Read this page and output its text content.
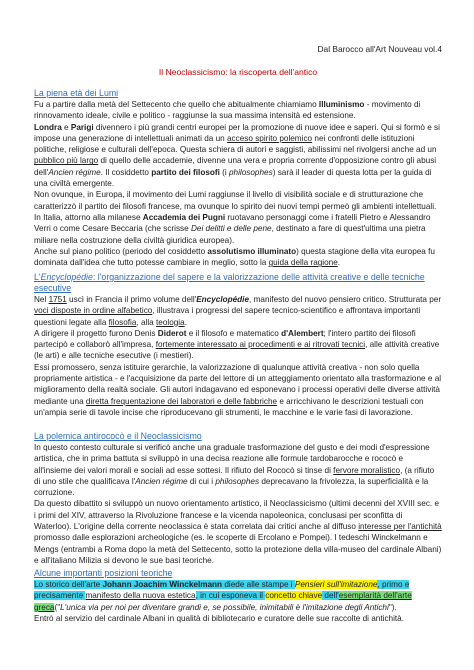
Dal Barocco all'Art Nouveau vol.4
Il Neoclassicismo: la riscoperta dell'antico

La piena età dei Lumi

Fu a partire dalla metà del Settecento che quello che abitualmente chiamiamo Illuminismo - movimento di rinnovamento ideale, civile e politico - raggiunse la sua massima intensità ed estensione.

Londra e Parigi divennero i più grandi centri europei per la promozione di nuove idee e saperi. Qui si formò e si impose una generazione di intellettuali animati da un acceso spirito polemico nei confronti delle istituzioni politiche, religiose e culturali dell'epoca. Questa schiera di autori e saggisti, abilissimi nel rivolgersi anche ad un pubblico più largo di quello delle accademie, divenne una vera e propria corrente d'opposizione contro gli abusi dell'Ancien régime. Il cosiddetto partito dei filosofi (i philosophes) sarà il leader di questa lotta per la guida di una civiltà emergente.

Non ovunque, in Europa, il movimento dei Lumi raggiunse il livello di visibilità sociale e di strutturazione che caratterizzò il partito dei filosofi francese, ma ovunque lo spirito dei nuovi tempi permeò gli ambienti intellettuali. In Italia, attorno alla milanese Accademia dei Pugni ruotavano personaggi come i fratelli Pietro e Alessandro Verri o come Cesare Beccaria (che scrisse Dei delitti e delle pene, destinato a fare di quest'ultima una pietra miliare nella costruzione della civiltà giuridica europea).

Anche sul piano politico (periodo del cosiddetto assolutismo illuminato) questa stagione della vita europea fu dominata dall'idea che tutto potesse cambiare in meglio, sotto la guida della ragione.

L'Encyclopédie: l'organizzazione del sapere e la valorizzazione delle attività creative e delle tecniche esecutive

Nel 1751 uscì in Francia il primo volume dell'Encyclopédie, manifesto del nuovo pensiero critico. Strutturata per voci disposte in ordine alfabetico, illustrava i progressi del sapere tecnico-scientifico e affrontava importanti questioni legate alla filosofia, alla teologia.

A dirigere il progetto furono Denis Diderot e il filosofo e matematico d'Alembert; l'intero partito dei filosofi partecipò e collaborò all'impresa, fortemente interessato ai procedimenti e ai ritrovati tecnici, alle attività creative (le arti) e alle tecniche esecutive (i mestieri).

Essi promossero, senza istituire gerarchie, la valorizzazione di qualunque attività creativa - non solo quella propriamente artistica - e l'acquisizione da parte del lettore di un atteggiamento orientato alla trasformazione e al miglioramento della realtà sociale. Gli autori indagavano ed esponevano i processi operativi delle diverse attività mediante una diretta frequentazione dei laboratori e delle fabbriche e arricchivano le descrizioni testuali con un'ampia serie di tavole incise che riproducevano gli strumenti, le macchine e le varie fasi di lavorazione.

La polemica antirococò e il Neoclassicismo

In questo contesto culturale si verificò anche una graduale trasformazione del gusto e dei modi d'espressione artistica, che in prima battuta si sviluppò in una decisa reazione alle formule tardobarocche e rococò e all'insieme dei valori morali e sociali ad esse sottesi. Il rifiuto del Rococò si tinse di fervore moralistico, (a rifiuto di uno stile che qualificava l'Ancien régime di cui i philosophes deprecavano la frivolezza, la superficialità e la corruzione.

Da questo dibattito si sviluppò un nuovo orientamento artistico, il Neoclassicismo (ultimi decenni del XVIII sec. e i primi del XIV, attraverso la Rivoluzione francese e la vicenda napoleonica, conclusasi per sconfitta di Waterloo). L'origine della corrente neoclassica è stata correlata dai critici anche al diffuso interesse per l'antichità promosso dalle esplorazioni archeologiche (es. le scoperte di Ercolano e Pompei). I tedeschi Winckelmann e Mengs (entrambi a Roma dopo la metà del Settecento, sotto la protezione della villa-museo del cardinale Albani) e all'italiano Milizia si devono le sue basi teoriche.

Alcune importanti posizioni teoriche

Lo storico dell'arte Johann Joachim Winckelmann diede alle stampe i Pensieri sull'imitazione, primo e precisamente manifesto della nuova estetica, in cui esponeva il concetto chiave dell'esemplarità dell'arte greca("L'unica via per noi per diventare grandi e, se possibile, inimitabili è l'imitazione degli Antichi").

Entrò al servizio del cardinale Albani in qualità di bibliotecario e curatore delle sue raccolte di antichità.
